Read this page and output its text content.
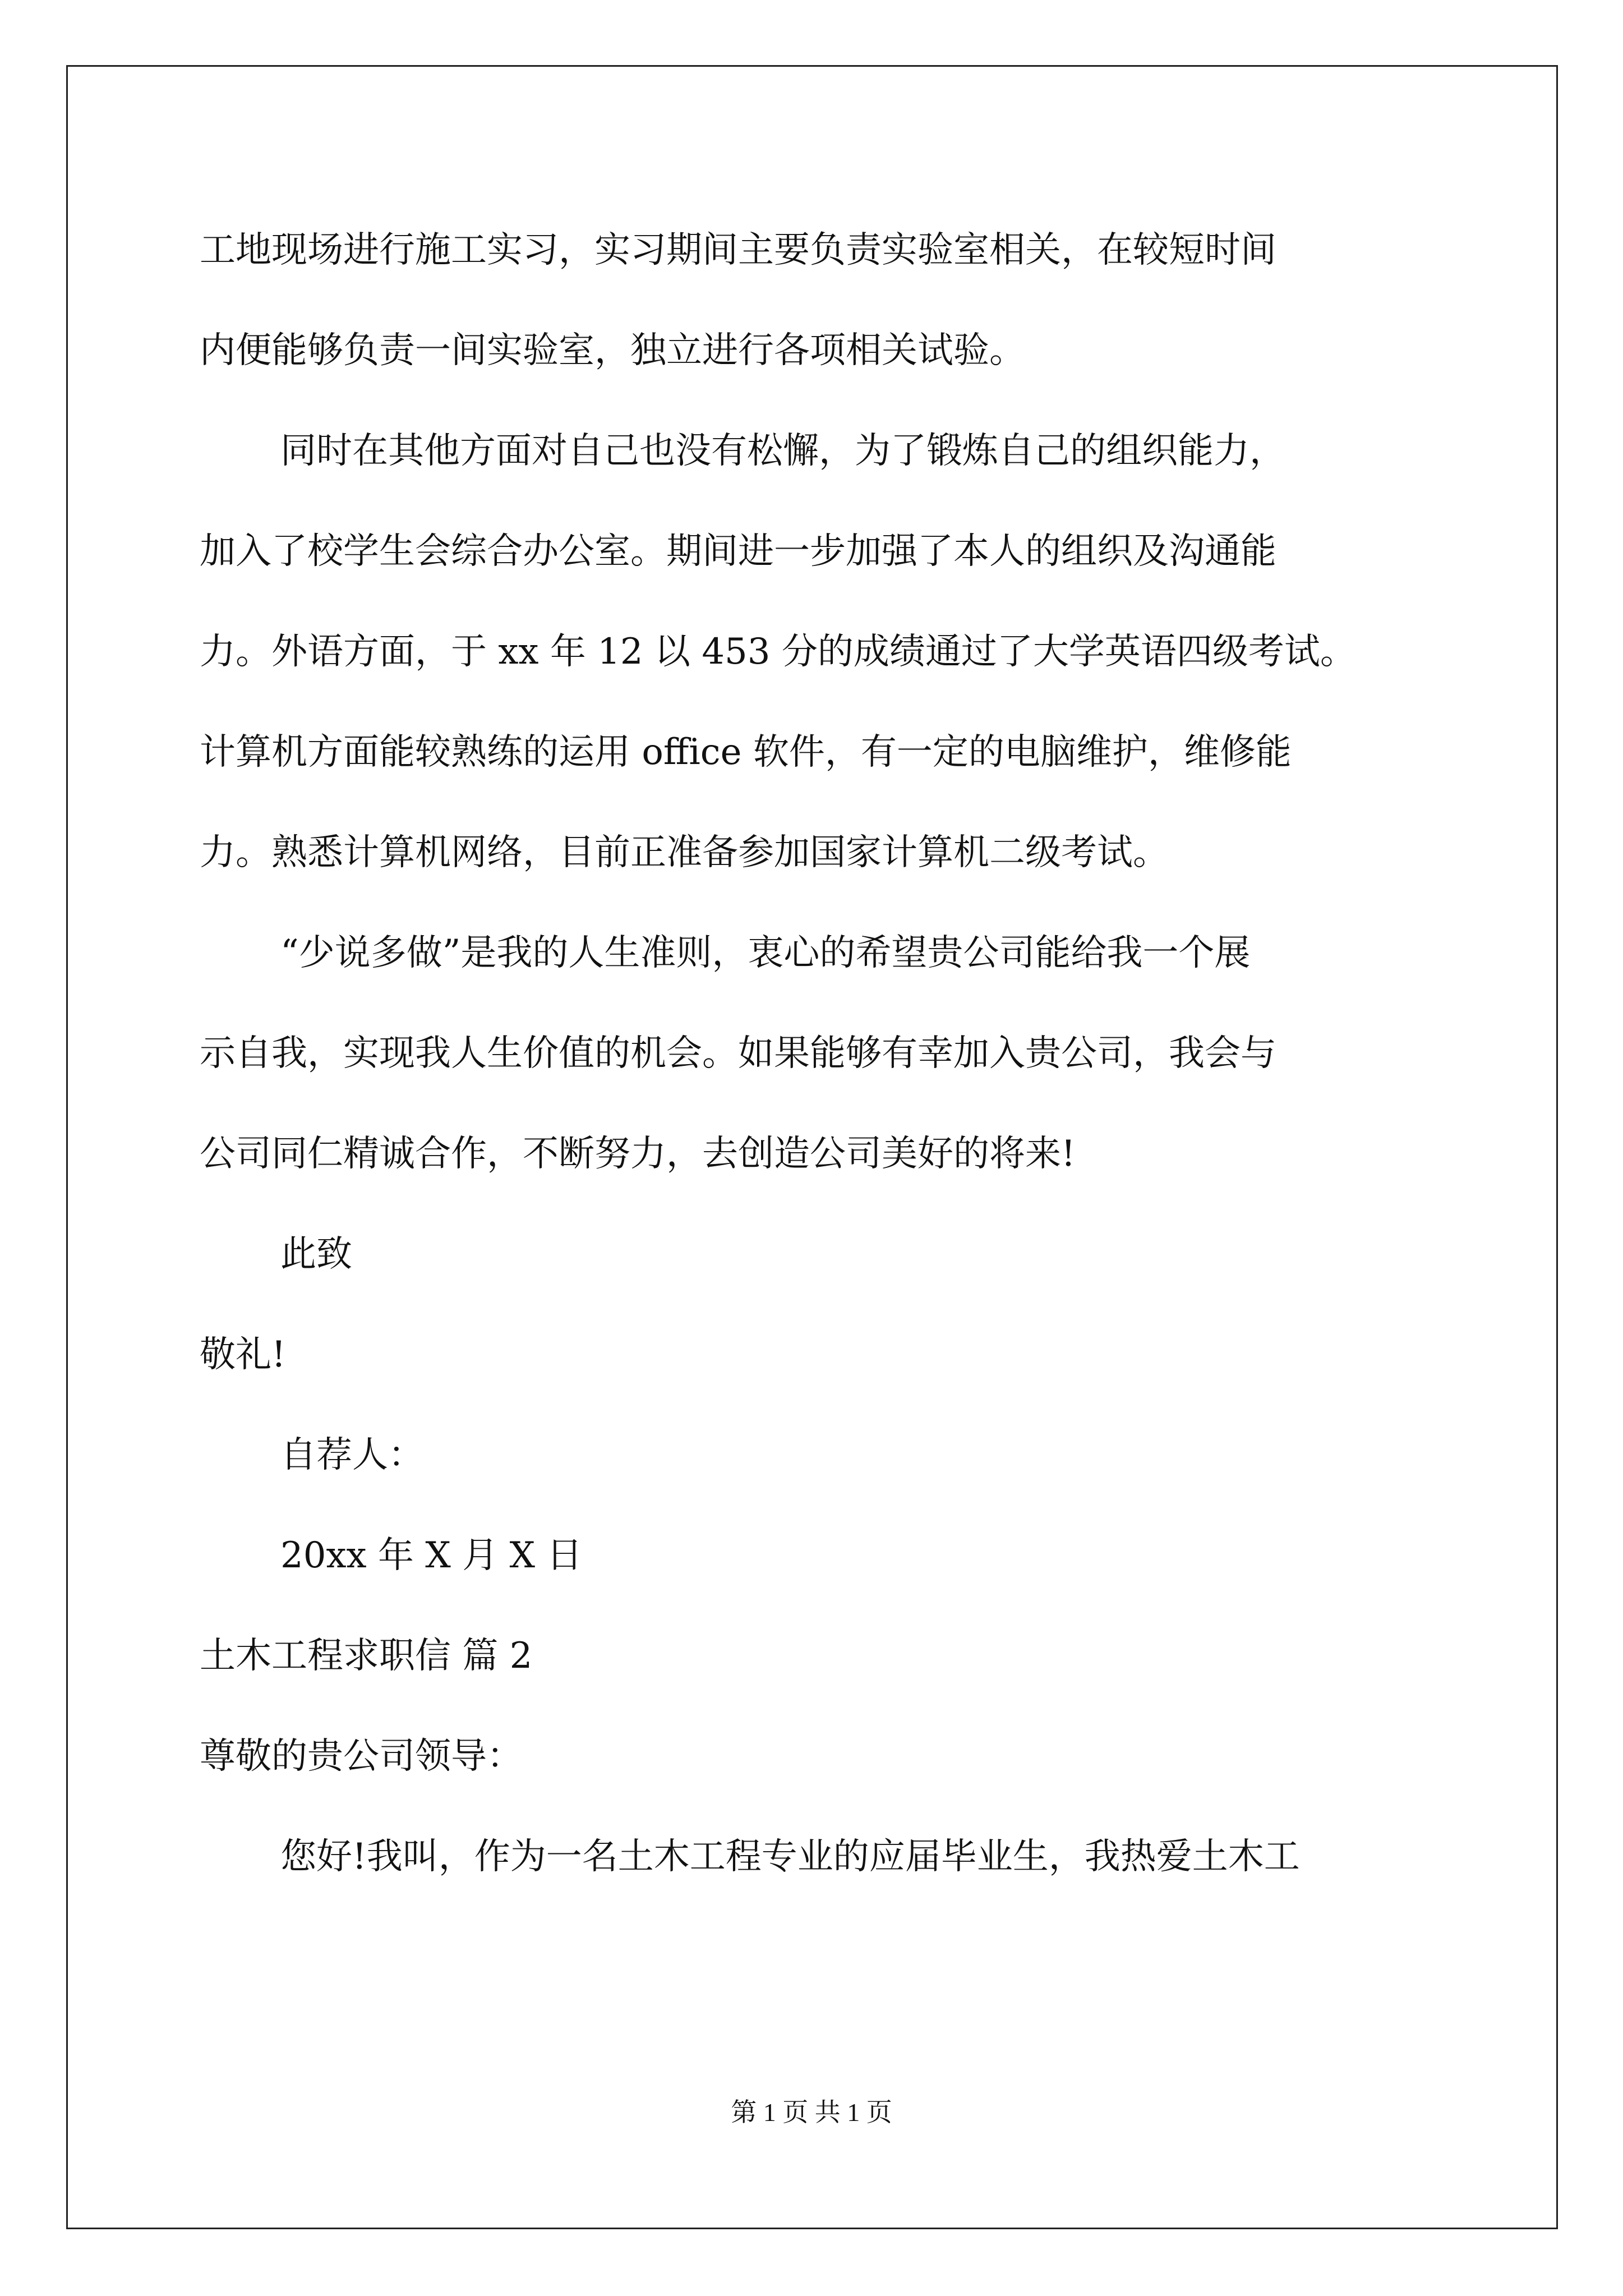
工地现场进行施工实习，实习期间主要负责实验室相关，在较短时间
内便能够负责一间实验室，独立进行各项相关试验。
同时在其他方面对自己也没有松懈，为了锻炼自己的组织能力，
加入了校学生会综合办公室。期间进一步加强了本人的组织及沟通能
力。外语方面，于 xx 年 12 以 453 分的成绩通过了大学英语四级考试。
计算机方面能较熟练的运用 office 软件，有一定的电脑维护，维修能
力。熟悉计算机网络，目前正准备参加国家计算机二级考试。
“少说多做”是我的人生准则，衷心的希望贵公司能给我一个展
示自我，实现我人生价值的机会。如果能够有幸加入贵公司，我会与
公司同仁精诚合作，不断努力，去创造公司美好的将来!
此致
敬礼!
自荐人：
20xx 年 X 月 X 日
土木工程求职信 篇 2
尊敬的贵公司领导：
您好!我叫，作为一名土木工程专业的应届毕业生，我热爱土木工
第 1 页 共 1 页
